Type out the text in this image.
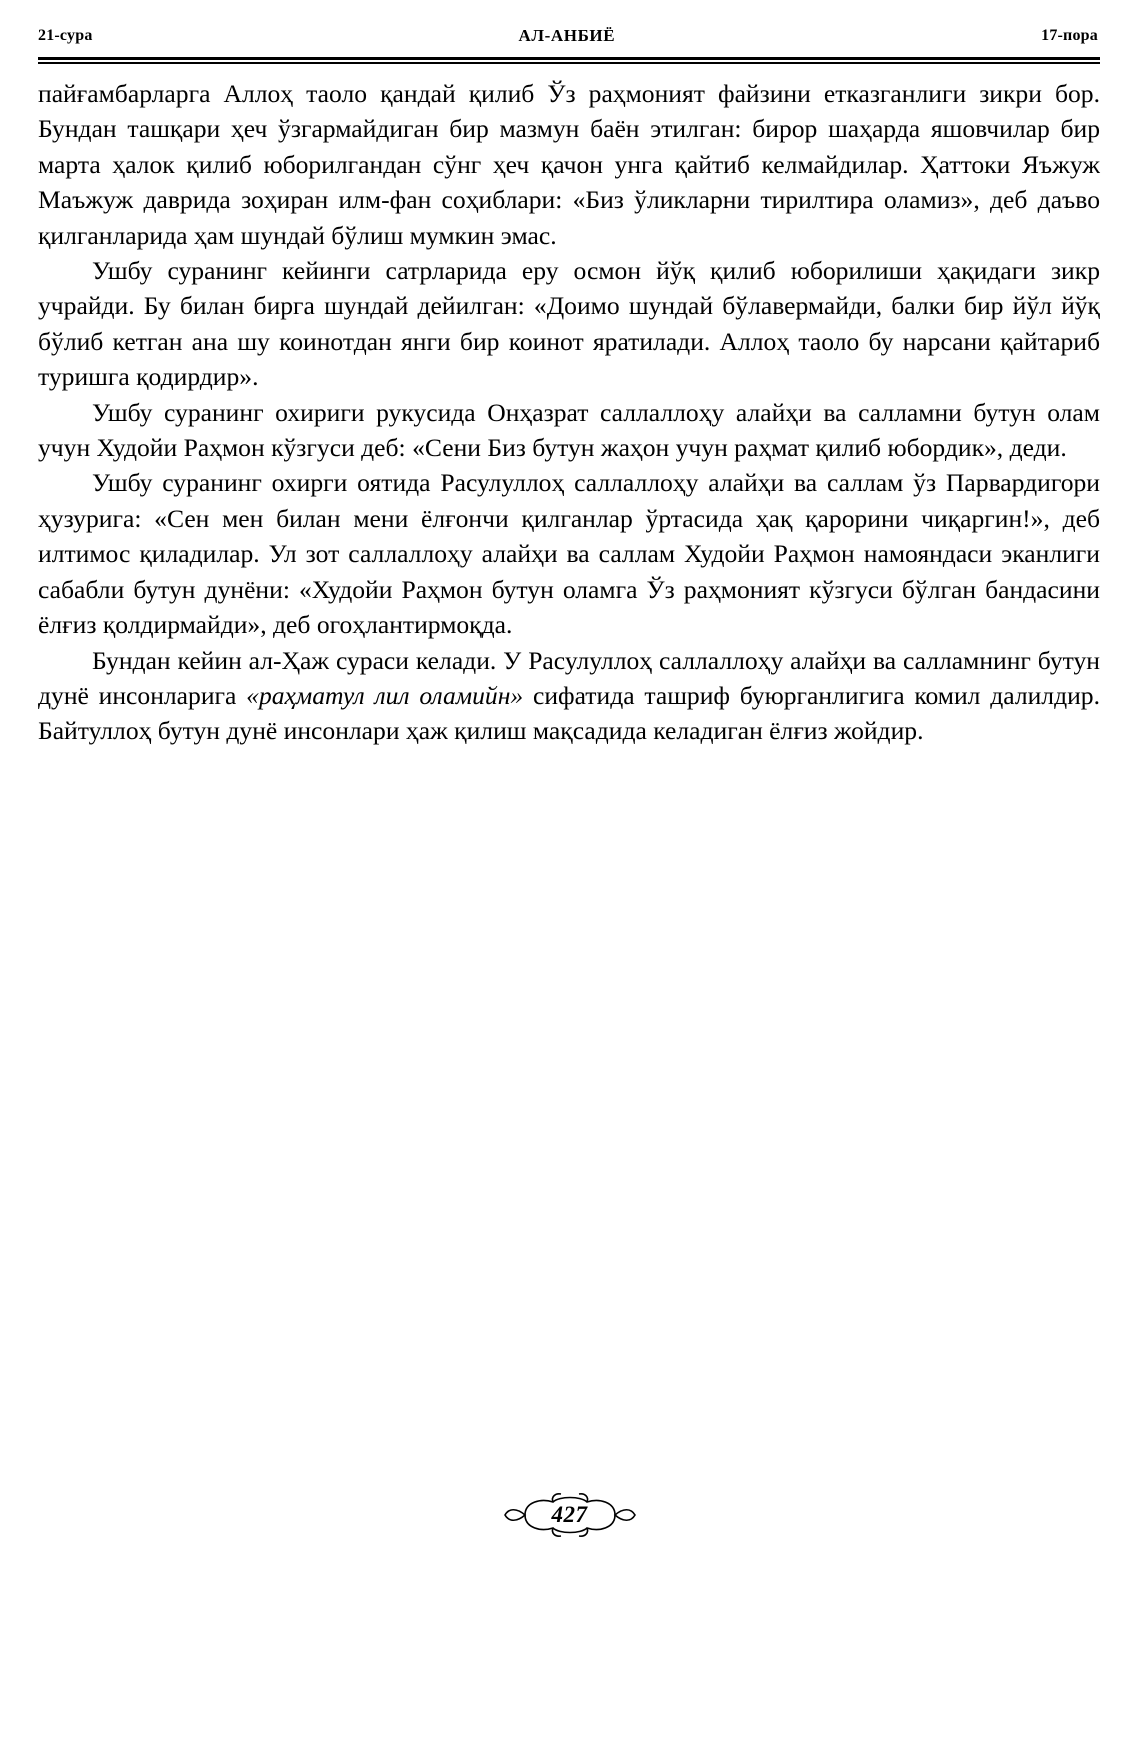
21-сура	АЛ-АНБИЁ	17-пора

пайғамбарларга Аллоҳ таоло қандай қилиб Ўз раҳмоният файзини етказганлиги зикри бор. Бундан ташқари ҳеч ўзгармайдиган бир мазмун баён этилган: бирор шаҳарда яшовчилар бир марта ҳалок қилиб юборилгандан сўнг ҳеч қачон унга қайтиб келмайдилар. Ҳаттоки Яъжуж Маъжуж даврида зоҳиран илм-фан соҳиблари: «Биз ўликларни тирилтира оламиз», деб даъво қилганларида ҳам шундай бўлиш мумкин эмас.

Ушбу суранинг кейинги сатрларида еру осмон йўқ қилиб юборилиши ҳақидаги зикр учрайди. Бу билан бирга шундай дейилган: «Доимо шундай бўлавермайди, балки бир йўл йўқ бўлиб кетган ана шу коинотдан янги бир коинот яратилади. Аллоҳ таоло бу нарсани қайтариб туришга қодирдир».

Ушбу суранинг охириги рукусида Онҳазрат саллаллоҳу алайҳи ва салламни бутун олам учун Худойи Раҳмон кўзгуси деб: «Сени Биз бутун жаҳон учун раҳмат қилиб юбордик», деди.

Ушбу суранинг охирги оятида Расулуллоҳ саллаллоҳу алайҳи ва саллам ўз Парвардигори ҳузурига: «Сен мен билан мени ёлғончи қилганлар ўртасида ҳақ қарорини чиқаргин!», деб илтимос қиладилар. Ул зот саллаллоҳу алайҳи ва саллам Худойи Раҳмон намояндаси эканлиги сабабли бутун дунёни: «Худойи Раҳмон бутун оламга Ўз раҳмоният кўзгуси бўлган бандасини ёлғиз қолдирмайди», деб огоҳлантирмоқда.

Бундан кейин ал-Ҳаж сураси келади. У Расулуллоҳ саллаллоҳу алайҳи ва салламнинг бутун дунё инсонларига «раҳматул лил оламийн» сифатида ташриф буюрганлигига комил далилдир. Байтуллоҳ бутун дунё инсонлари ҳаж қилиш мақсадида келадиган ёлғиз жойдир.

427
